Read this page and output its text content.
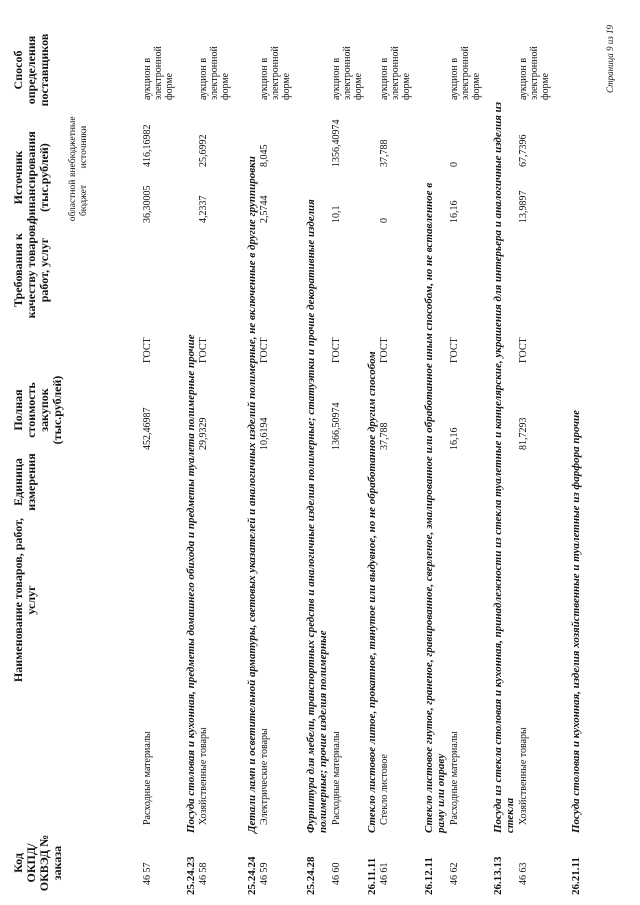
Код ОКПД/ ОКВЭД № заказа
Наименование товаров, работ, услуг
Единица измерения
Полная стоимость закупок (тыс.рублей)
Требования к качеству товаров, работ, услуг
Источник финансирования (тыс.рублей) областной бюджет
внебюджетные источники
Способ определения поставщиков
46 57
Расходные материалы
452,46987
ГОСТ
36,30005
416,16982
аукцион в электронной форме
25.24.23
Посуда столовая и кухонная, предметы домашнего обихода и предметы туалета полимерные прочие
46 58
Хозяйственные товары
29,9329
ГОСТ
4,2337
25,6992
аукцион в электронной форме
25.24.24
Детали ламп и осветительной арматуры, световых указателей и аналогичных изделий полимерные, не включенные в другие группировки
46 59
Электрические товары
10,6194
ГОСТ
2,5744
8,045
аукцион в электронной форме
25.24.28
Фурнитура для мебели, транспортных средств и аналогичные изделия полимерные; статуэтки и прочие декоративные изделия полимерные; прочие изделия полимерные
46 60
Расходные материалы
1366,50974
ГОСТ
10,1
1356,40974
аукцион в электронной форме
26.11.11
Стекло листовое литое, прокатное, тянутое или выдувное, но не обработанное другим способом
46 61
Стекло листовое
37,788
ГОСТ
0
37,788
аукцион в электронной форме
26.12.11
Стекло листовое гнутое, граненое, гравированное, сверленое, эмалированное или обработанное иным способом, но не вставленное в раму или оправу
46 62
Расходные материалы
16,16
ГОСТ
16,16
0
аукцион в электронной форме
26.13.13
Посуда из стекла столовая и кухонная, принадлежности из стекла туалетные и канцелярские, украшения для интерьера и аналогичные изделия из стекла
46 63
Хозяйственные товары
81,7293
ГОСТ
13,9897
67,7396
аукцион в электронной форме
26.21.11
Посуда столовая и кухонная, изделия хозяйственные и туалетные из фарфора прочие
Страница 9 из 19
